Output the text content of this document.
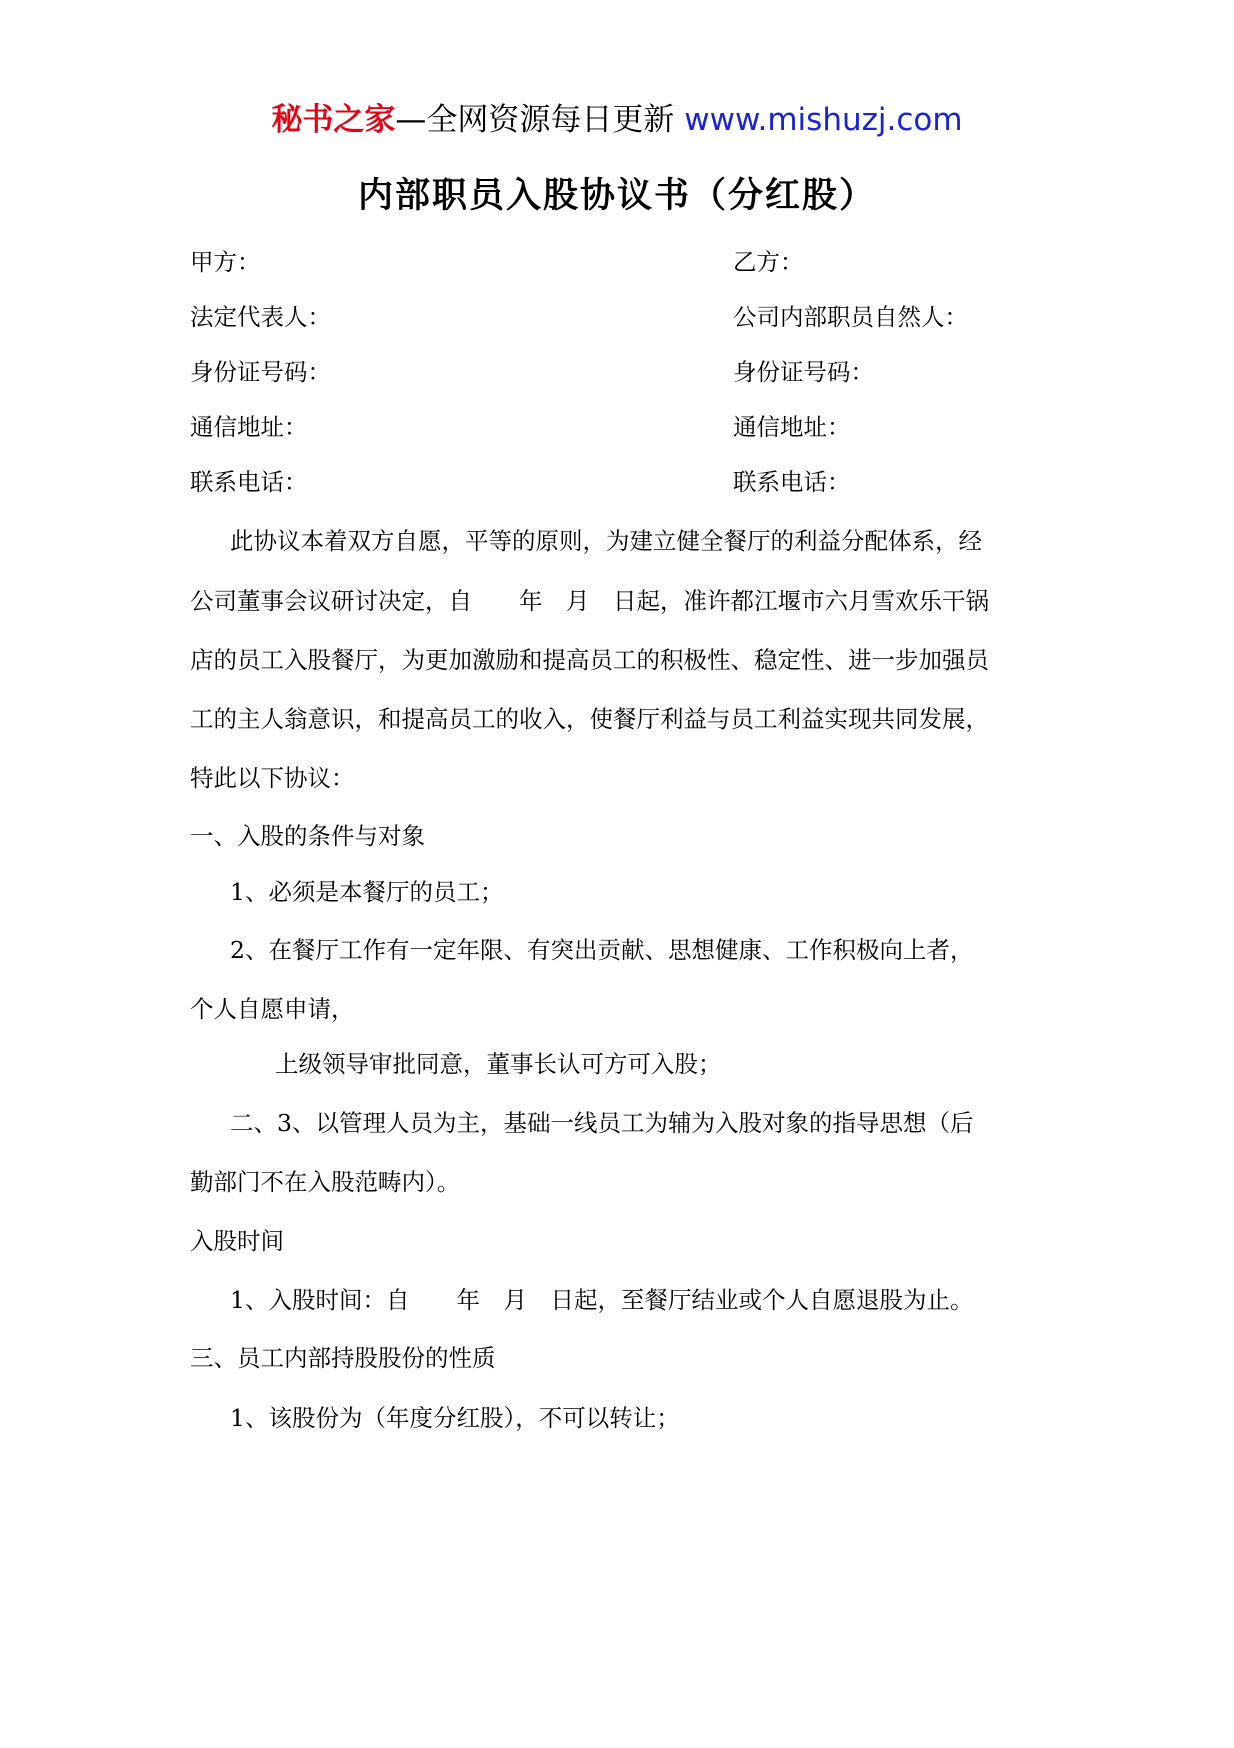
秘书之家—全网资源每日更新 www.mishuzj.com
内部职员入股协议书（分红股）
甲方：	乙方：
法定代表人：	公司内部职员自然人：
身份证号码：	身份证号码：
通信地址：	通信地址：
联系电话：	联系电话：
此协议本着双方自愿，平等的原则，为建立健全餐厅的利益分配体系，经
公司董事会议研讨决定，自　　年　月　日起，准许都江堰市六月雪欢乐干锅
店的员工入股餐厅，为更加激励和提高员工的积极性、稳定性、进一步加强员
工的主人翁意识，和提高员工的收入，使餐厅利益与员工利益实现共同发展，
特此以下协议：
一、入股的条件与对象
1、必须是本餐厅的员工；
2、在餐厅工作有一定年限、有突出贡献、思想健康、工作积极向上者，
个人自愿申请，
上级领导审批同意，董事长认可方可入股；
二、3、以管理人员为主，基础一线员工为辅为入股对象的指导思想（后
勤部门不在入股范畴内）。
入股时间
1、入股时间：自　　年　月　日起，至餐厅结业或个人自愿退股为止。
三、员工内部持股股份的性质
1、该股份为（年度分红股），不可以转让；
